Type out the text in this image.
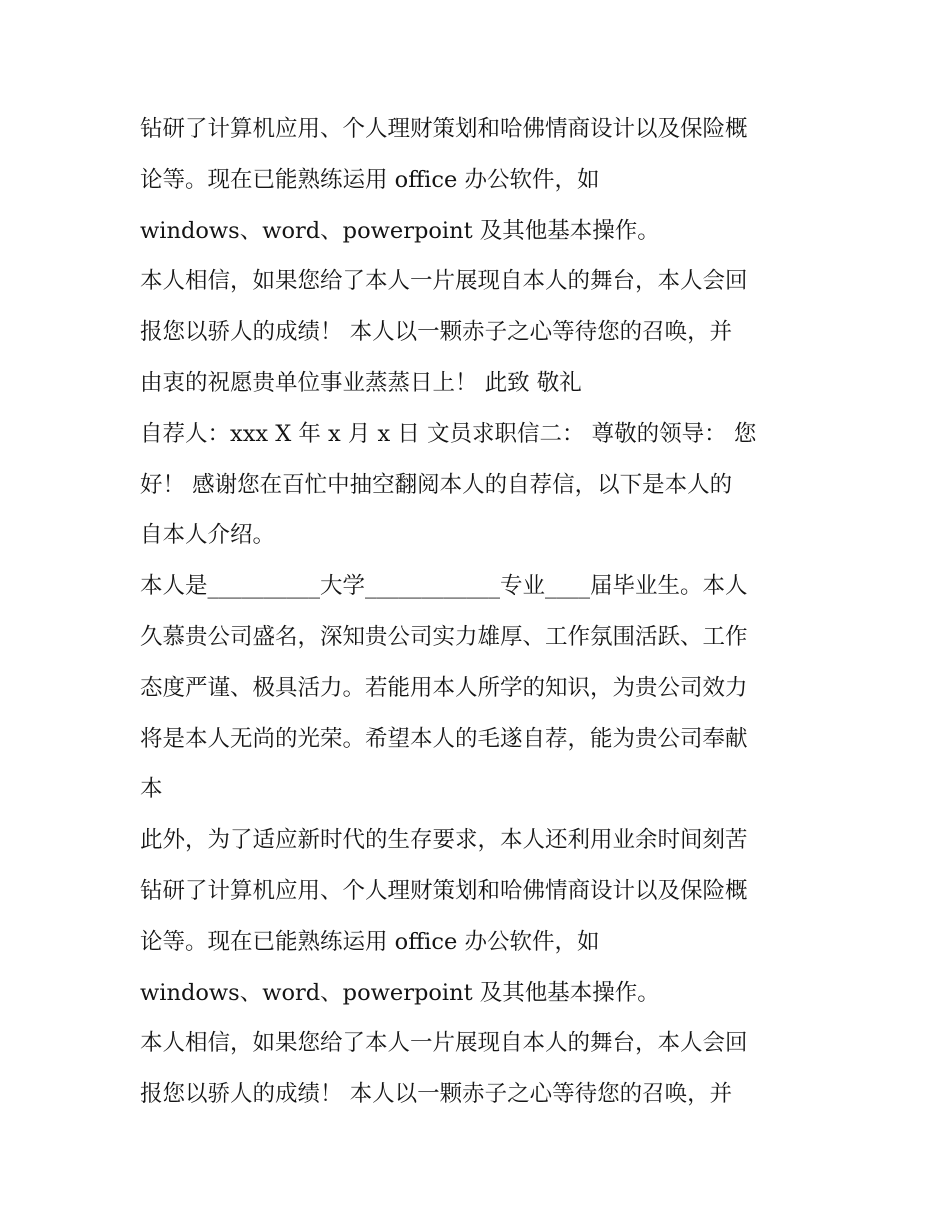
钻研了计算机应用、个人理财策划和哈佛情商设计以及保险概
论等。现在已能熟练运用 office 办公软件，如
windows、word、powerpoint 及其他基本操作。
本人相信，如果您给了本人一片展现自本人的舞台，本人会回
报您以骄人的成绩！ 本人以一颗赤子之心等待您的召唤，并
由衷的祝愿贵单位事业蒸蒸日上！ 此致 敬礼
自荐人：xxx X 年 x 月 x 日 文员求职信二： 尊敬的领导： 您
好！ 感谢您在百忙中抽空翻阅本人的自荐信，以下是本人的
自本人介绍。
本人是__________大学____________专业____届毕业生。本人
久慕贵公司盛名，深知贵公司实力雄厚、工作氛围活跃、工作
态度严谨、极具活力。若能用本人所学的知识，为贵公司效力
将是本人无尚的光荣。希望本人的毛遂自荐，能为贵公司奉献
本
此外，为了适应新时代的生存要求，本人还利用业余时间刻苦
钻研了计算机应用、个人理财策划和哈佛情商设计以及保险概
论等。现在已能熟练运用 office 办公软件，如
windows、word、powerpoint 及其他基本操作。
本人相信，如果您给了本人一片展现自本人的舞台，本人会回
报您以骄人的成绩！ 本人以一颗赤子之心等待您的召唤，并
